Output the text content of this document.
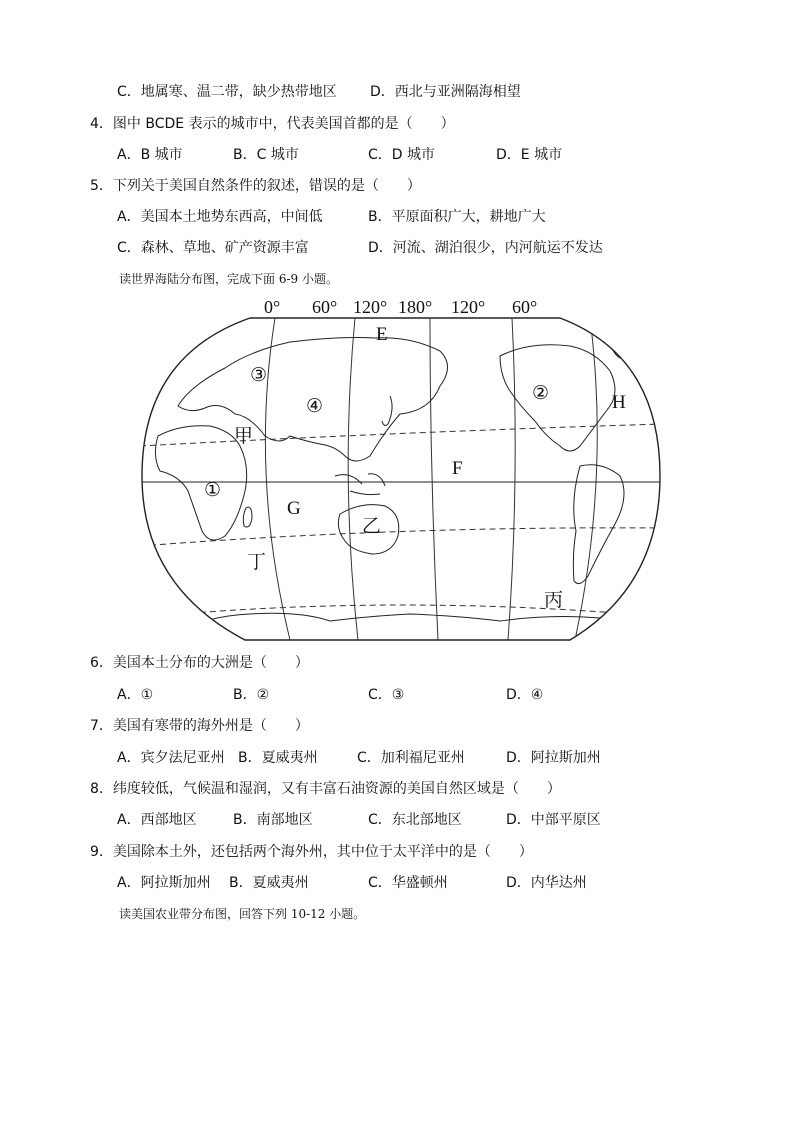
C．地属寒、温二带，缺少热带地区 D．西北与亚洲隔海相望
4．图中 BCDE 表示的城市中，代表美国首都的是（　　）
A．B 城市	B．C 城市	C．D 城市	D．E 城市
5．下列关于美国自然条件的叙述，错误的是（　　）
A．美国本土地势东西高，中间低	B．平原面积广大，耕地广大
C．森林、草地、矿产资源丰富	D．河流、湖泊很少，内河航运不发达
读世界海陆分布图，完成下面 6-9 小题。
0° 60° 120° 180° 120° 60°
E
H
F
G
①
②
③
④
甲
乙
丙
丁
6．美国本土分布的大洲是（　　）
A．①	B．②	C．③	D．④
7．美国有寒带的海外州是（　　）
A．宾夕法尼亚州 B．夏威夷州	C．加利福尼亚州	D．阿拉斯加州
8．纬度较低，气候温和湿润，又有丰富石油资源的美国自然区域是（　　）
A．西部地区	B．南部地区	C．东北部地区	D．中部平原区
9．美国除本土外，还包括两个海外州，其中位于太平洋中的是（　　）
A．阿拉斯加州 B．夏威夷州	C．华盛顿州	D．内华达州
读美国农业带分布图，回答下列 10-12 小题。
